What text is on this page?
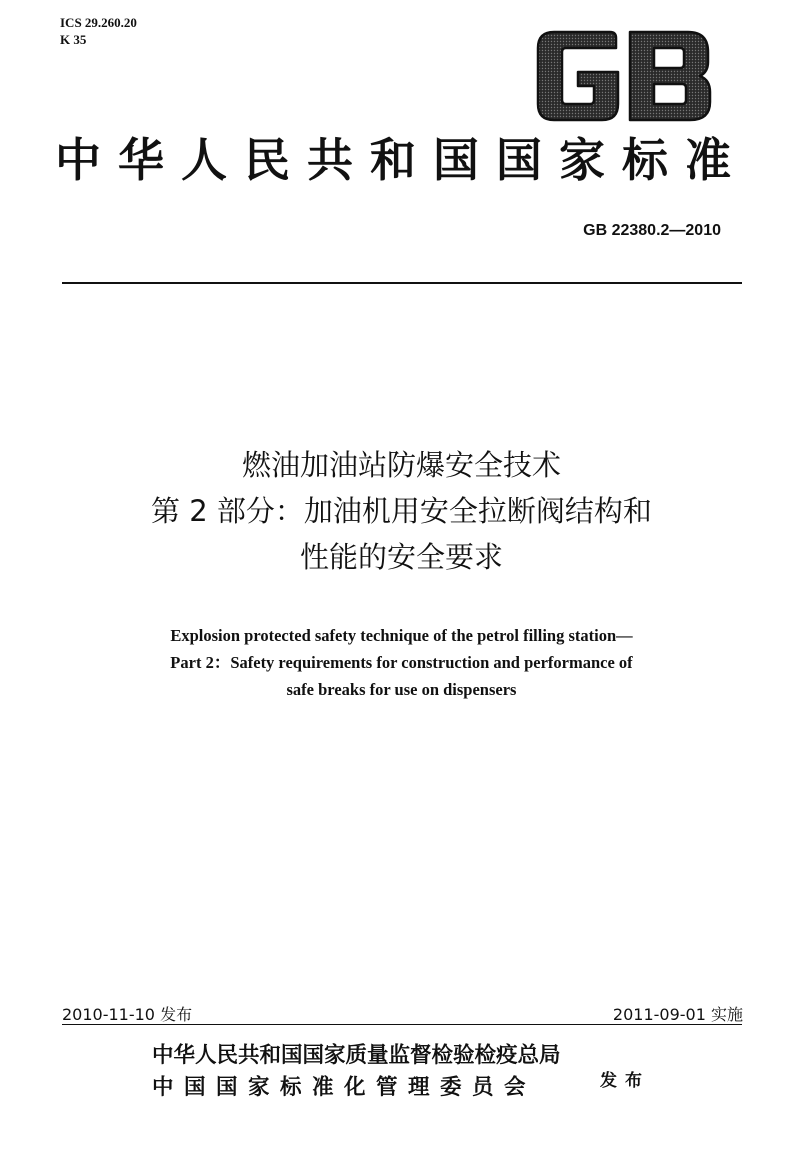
ICS 29.260.20
K 35
中华人民共和国国家标准
GB 22380.2—2010
燃油加油站防爆安全技术
第 2 部分：加油机用安全拉断阀结构和
性能的安全要求
Explosion protected safety technique of the petrol filling station—
Part 2：Safety requirements for construction and performance of
safe breaks for use on dispensers
2010-11-10 发布	2011-09-01 实施
中华人民共和国国家质量监督检验检疫总局
中国国家标准化管理委员会	发布
